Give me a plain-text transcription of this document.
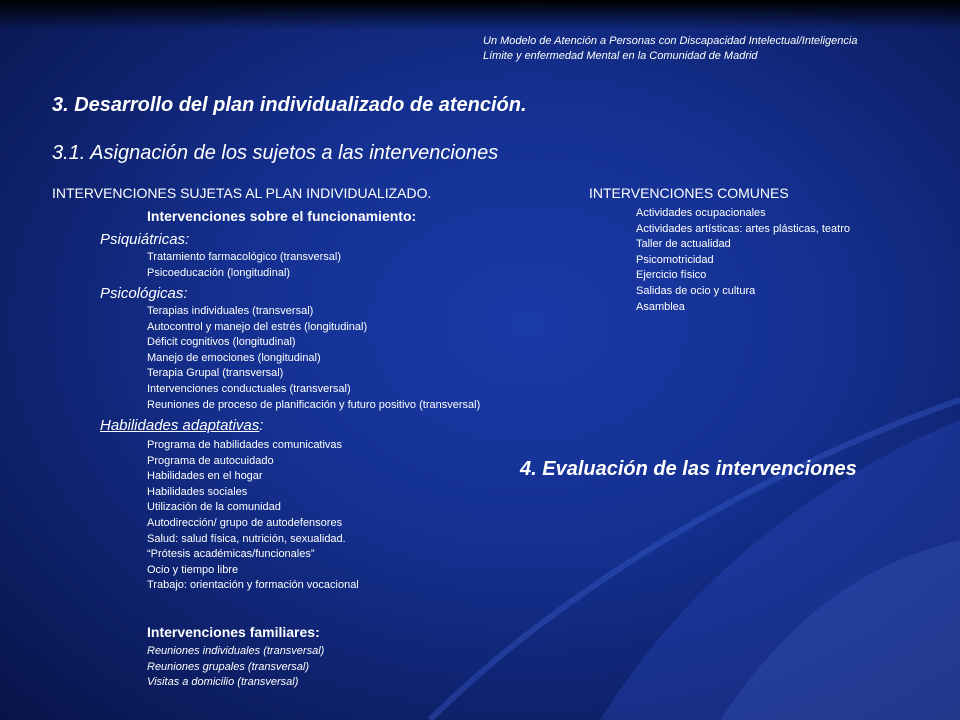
Un Modelo de Atención a Personas con Discapacidad Intelectual/Inteligencia
Límite y enfermedad Mental en la Comunidad de Madrid
3. Desarrollo del plan individualizado de atención.
3.1. Asignación de los sujetos a las intervenciones
INTERVENCIONES SUJETAS AL PLAN INDIVIDUALIZADO.
Intervenciones sobre el funcionamiento:
Psiquiátricas:
Tratamiento farmacológico (transversal)
Psicoeducación (longitudinal)
Psicológicas:
Terapias individuales (transversal)
Autocontrol y manejo del estrés (longitudinal)
Déficit cognitivos (longitudinal)
Manejo de emociones (longitudinal)
Terapia Grupal (transversal)
Intervenciones conductuales (transversal)
Reuniones de proceso de planificación y futuro positivo (transversal)
Habilidades adaptativas:
Programa de habilidades comunicativas
Programa de autocuidado
Habilidades en el hogar
Habilidades sociales
Utilización de la comunidad
Autodirección/ grupo de autodefensores
Salud: salud física, nutrición, sexualidad.
“Prótesis académicas/funcionales”
Ocio y tiempo libre
Trabajo: orientación y formación vocacional
Intervenciones familiares:
Reuniones individuales (transversal)
Reuniones grupales (transversal)
Visitas a domicilio (transversal)
INTERVENCIONES COMUNES
Actividades ocupacionales
Actividades artísticas: artes plásticas, teatro
Taller de actualidad
Psicomotricidad
Ejercicio físico
Salidas de ocio y cultura
Asamblea
4. Evaluación de las intervenciones
